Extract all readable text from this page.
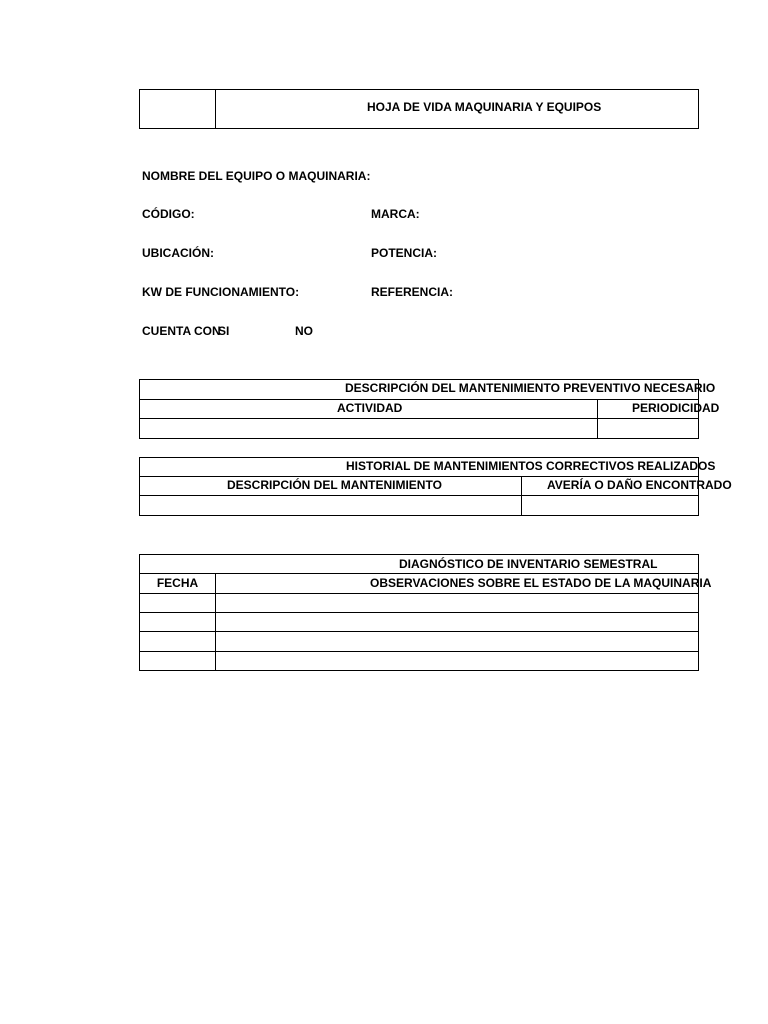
HOJA DE VIDA MAQUINARIA Y EQUIPOS
NOMBRE DEL EQUIPO O MAQUINARIA:
CÓDIGO:	MARCA:
UBICACIÓN:	POTENCIA:
KW DE FUNCIONAMIENTO:	REFERENCIA:
CUENTA CON
SI	NO
DESCRIPCIÓN DEL MANTENIMIENTO PREVENTIVO NECESARIO
ACTIVIDAD	PERIODICIDAD
HISTORIAL DE MANTENIMIENTOS CORRECTIVOS REALIZADOS
DESCRIPCIÓN DEL MANTENIMIENTO	AVERÍA O DAÑO ENCONTRADO
DIAGNÓSTICO DE INVENTARIO SEMESTRAL
FECHA	OBSERVACIONES SOBRE EL ESTADO DE LA MAQUINARIA
